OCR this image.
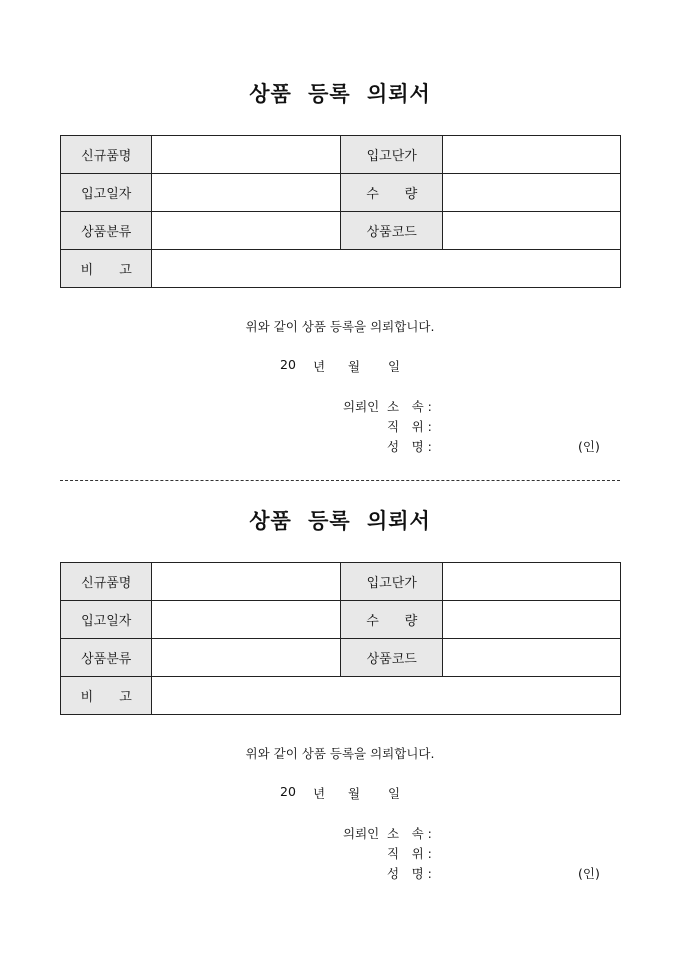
상품 등록 의뢰서
신규품명		입고단가	
입고일자		수　　량	
상품분류		상품코드	
비　　고			
위와 같이 상품 등록을 의뢰합니다.
20 년 월 일
의뢰인 소　속 :
직　위 :
성　명 :	(인)
상품 등록 의뢰서
신규품명		입고단가	
입고일자		수　　량	
상품분류		상품코드	
비　　고			
위와 같이 상품 등록을 의뢰합니다.
20 년 월 일
의뢰인 소　속 :
직　위 :
성　명 :	(인)
